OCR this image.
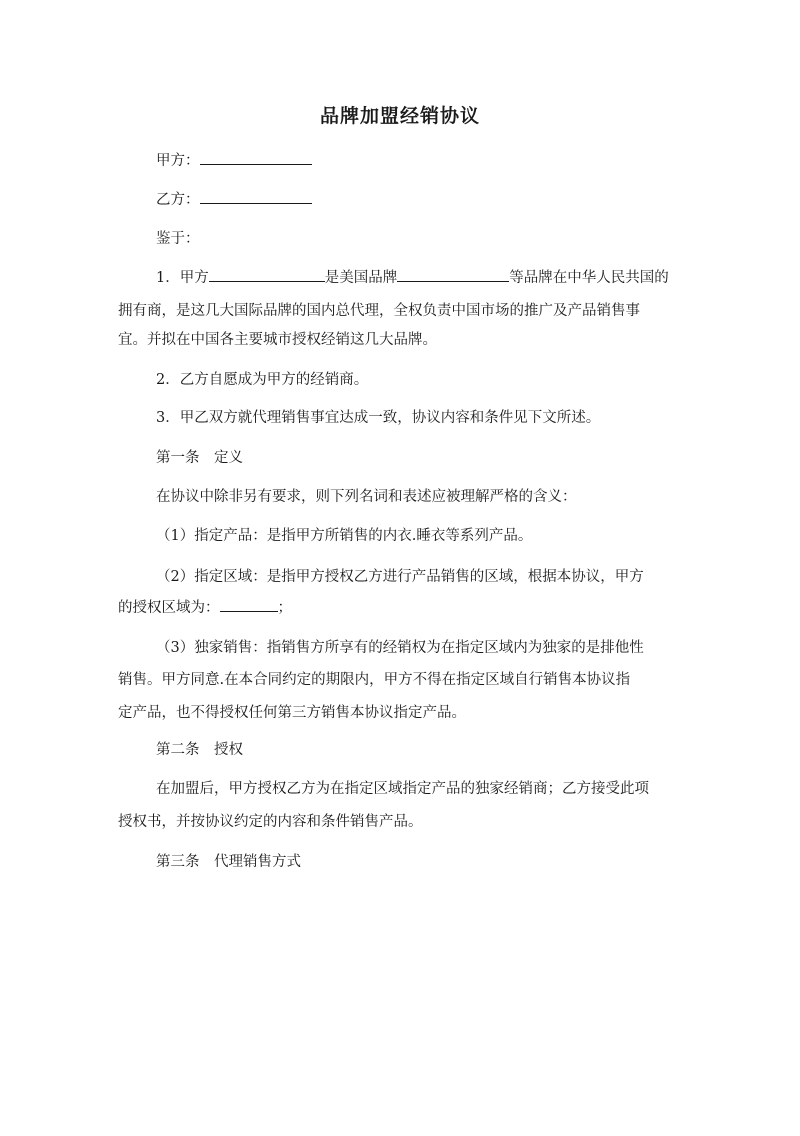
品牌加盟经销协议
甲方：
乙方：
鉴于：
1．甲方	是美国品牌	等品牌在中华人民共国的
拥有商，是这几大国际品牌的国内总代理，全权负责中国市场的推广及产品销售事
宜。并拟在中国各主要城市授权经销这几大品牌。
2．乙方自愿成为甲方的经销商。
3．甲乙双方就代理销售事宜达成一致，协议内容和条件见下文所述。
第一条　定义
在协议中除非另有要求，则下列名词和表述应被理解严格的含义：
（1）指定产品：是指甲方所销售的内衣.睡衣等系列产品。
（2）指定区域：是指甲方授权乙方进行产品销售的区域，根据本协议，甲方
的授权区域为：	；
（3）独家销售：指销售方所享有的经销权为在指定区域内为独家的是排他性
销售。甲方同意.在本合同约定的期限内，甲方不得在指定区域自行销售本协议指
定产品，也不得授权任何第三方销售本协议指定产品。
第二条　授权
在加盟后，甲方授权乙方为在指定区域指定产品的独家经销商；乙方接受此项
授权书，并按协议约定的内容和条件销售产品。
第三条　代理销售方式
